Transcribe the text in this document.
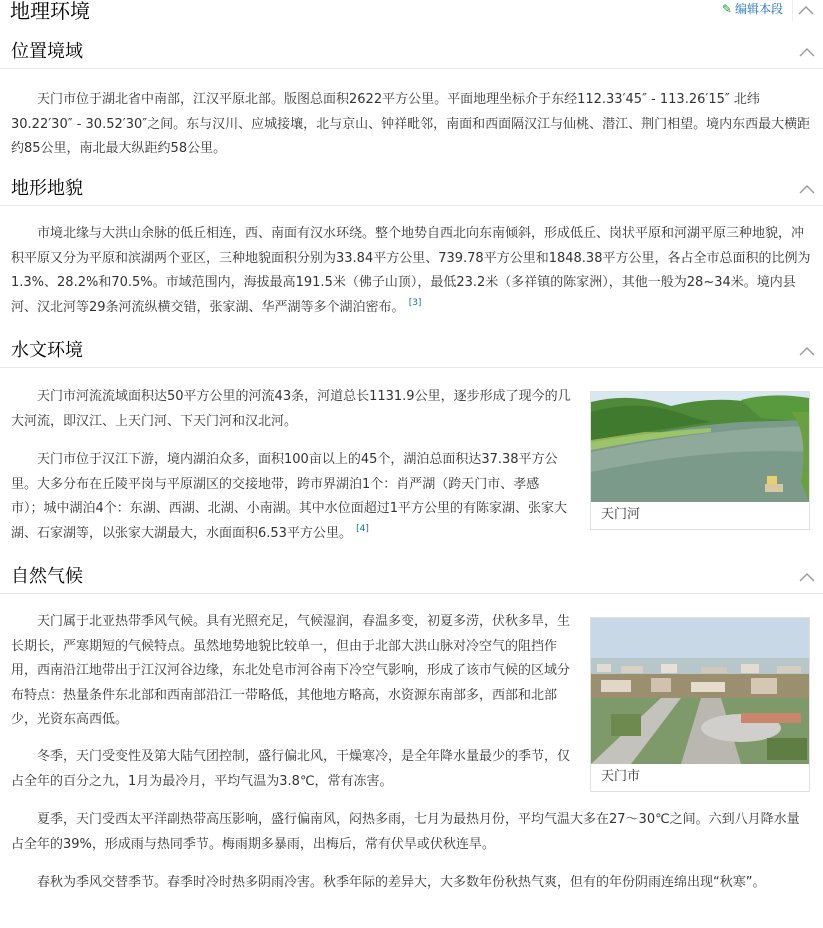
地理环境	✎ 编辑本段
位置境域

天门市位于湖北省中南部，江汉平原北部。版图总面积2622平方公里。平面地理坐标介于东经112.33′45″ - 113.26′15″ 北纬30.22′30″ - 30.52′30″之间。东与汉川、应城接壤，北与京山、钟祥毗邻，南面和西面隔汉江与仙桃、潜江、荆门相望。境内东西最大横距约85公里，南北最大纵距约58公里。

地形地貌

市境北缘与大洪山余脉的低丘相连，西、南面有汉水环绕。整个地势自西北向东南倾斜，形成低丘、岗状平原和河湖平原三种地貌，冲积平原又分为平原和滨湖两个亚区，三种地貌面积分别为33.84平方公里、739.78平方公里和1848.38平方公里，各占全市总面积的比例为1.3%、28.2%和70.5%。市域范围内，海拔最高191.5米（佛子山顶），最低23.2米（多祥镇的陈家洲），其他一般为28~34米。境内县河、汉北河等29条河流纵横交错，张家湖、华严湖等多个湖泊密布。 [3]

水文环境

天门市河流流域面积达50平方公里的河流43条，河道总长1131.9公里，逐步形成了现今的几大河流，即汉江、上天门河、下天门河和汉北河。

天门市位于汉江下游，境内湖泊众多，面积100亩以上的45个，湖泊总面积达37.38平方公里。大多分布在丘陵平岗与平原湖区的交接地带，跨市界湖泊1个：肖严湖（跨天门市、孝感市）；城中湖泊4个：东湖、西湖、北湖、小南湖。其中水位面超过1平方公里的有陈家湖、张家大湖、石家湖等，以张家大湖最大，水面面积6.53平方公里。 [4]

天门河
自然气候

天门属于北亚热带季风气候。具有光照充足，气候湿润，春温多变，初夏多涝，伏秋多旱，生长期长，严寒期短的气候特点。虽然地势地貌比较单一，但由于北部大洪山脉对冷空气的阻挡作用，西南沿江地带出于江汉河谷边缘，东北处皂市河谷南下冷空气影响，形成了该市气候的区域分布特点：热量条件东北部和西南部沿江一带略低，其他地方略高，水资源东南部多，西部和北部少，光资东高西低。

冬季，天门受变性及第大陆气团控制，盛行偏北风，干燥寒冷，是全年降水量最少的季节，仅占全年的百分之九，1月为最冷月，平均气温为3.8℃，常有冻害。

夏季，天门受西太平洋副热带高压影响，盛行偏南风，闷热多雨，七月为最热月份，平均气温大多在27～30℃之间。六到八月降水量占全年的39%，形成雨与热同季节。梅雨期多暴雨，出梅后，常有伏旱或伏秋连旱。

春秋为季风交替季节。春季时冷时热多阴雨冷害。秋季年际的差异大，大多数年份秋热气爽，但有的年份阴雨连绵出现“秋寒”。

天门市
